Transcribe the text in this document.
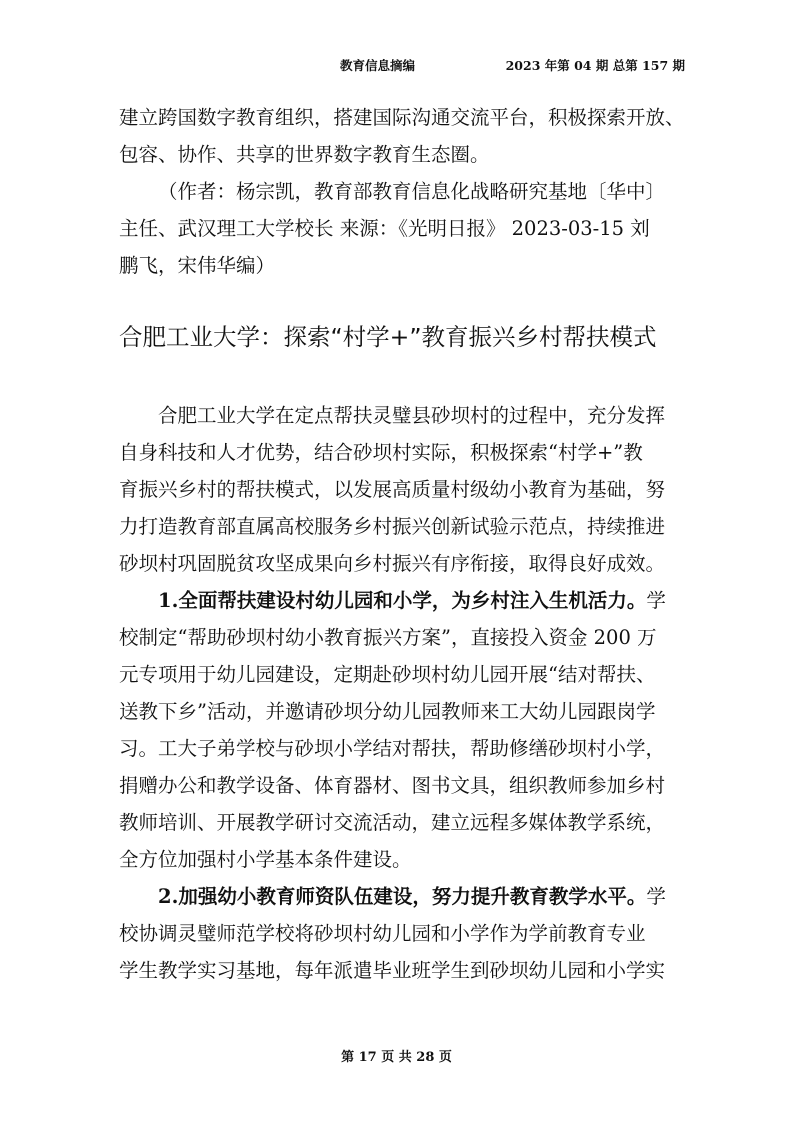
教育信息摘编	2023 年第 04 期 总第 157 期

建立跨国数字教育组织，搭建国际沟通交流平台，积极探索开放、
包容、协作、共享的世界数字教育生态圈。

（作者：杨宗凯，教育部教育信息化战略研究基地〔华中〕

主任、武汉理工大学校长 来源：《光明日报》 2023-03-15 刘
鹏飞，宋伟华编）

合肥工业大学：探索“村学+”教育振兴乡村帮扶模式

合肥工业大学在定点帮扶灵璧县砂坝村的过程中，充分发挥
自身科技和人才优势，结合砂坝村实际，积极探索“村学+”教
育振兴乡村的帮扶模式，以发展高质量村级幼小教育为基础，努
力打造教育部直属高校服务乡村振兴创新试验示范点，持续推进
砂坝村巩固脱贫攻坚成果向乡村振兴有序衔接，取得良好成效。

1.全面帮扶建设村幼儿园和小学，为乡村注入生机活力。学
校制定“帮助砂坝村幼小教育振兴方案”，直接投入资金 200 万
元专项用于幼儿园建设，定期赴砂坝村幼儿园开展“结对帮扶、
送教下乡”活动，并邀请砂坝分幼儿园教师来工大幼儿园跟岗学
习。工大子弟学校与砂坝小学结对帮扶，帮助修缮砂坝村小学，
捐赠办公和教学设备、体育器材、图书文具，组织教师参加乡村
教师培训、开展教学研讨交流活动，建立远程多媒体教学系统，
全方位加强村小学基本条件建设。

2.加强幼小教育师资队伍建设，努力提升教育教学水平。学
校协调灵璧师范学校将砂坝村幼儿园和小学作为学前教育专业
学生教学实习基地，每年派遣毕业班学生到砂坝幼儿园和小学实

第 17 页 共 28 页
